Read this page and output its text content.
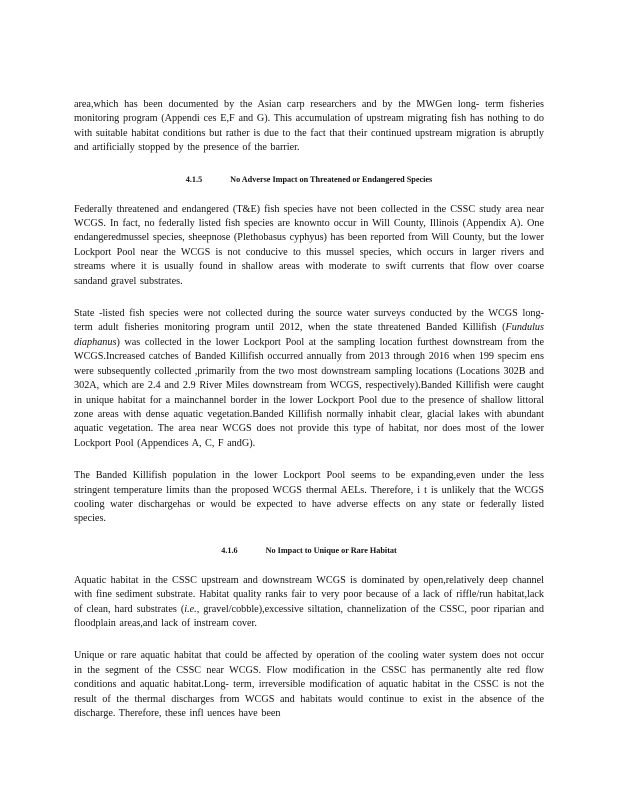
area,which has been documented by the Asian carp researchers and by the MWGen long- term fisheries monitoring program (Appendi ces E,F and G). This accumulation of upstream migrating fish has nothing to do with suitable habitat conditions but rather is due to the fact that their continued upstream migration is abruptly and artificially stopped by the presence of the barrier.

4.1.5	No Adverse Impact on Threatened or Endangered Species

Federally threatened and endangered (T&E) fish species have not been collected in the CSSC study area near WCGS. In fact, no federally listed fish species are knownto occur in Will County, Illinois (Appendix A). One endangeredmussel species, sheepnose (Plethobasus cyphyus) has been reported from Will County, but the lower Lockport Pool near the WCGS is not conducive to this mussel species, which occurs in larger rivers and streams where it is usually found in shallow areas with moderate to swift currents that flow over coarse sandand gravel substrates.

State -listed fish species were not collected during the source water surveys conducted by the WCGS long-term adult fisheries monitoring program until 2012, when the state threatened Banded Killifish (Fundulus diaphanus) was collected in the lower Lockport Pool at the sampling location furthest downstream from the WCGS.Increased catches of Banded Killifish occurred annually from 2013 through 2016 when 199 specim ens were subsequently collected ,primarily from the two most downstream sampling locations (Locations 302B and 302A, which are 2.4 and 2.9 River Miles downstream from WCGS, respectively).Banded Killifish were caught in unique habitat for a mainchannel border in the lower Lockport Pool due to the presence of shallow littoral zone areas with dense aquatic vegetation.Banded Killifish normally inhabit clear, glacial lakes with abundant aquatic vegetation. The area near WCGS does not provide this type of habitat, nor does most of the lower Lockport Pool (Appendices A, C, F andG).

The Banded Killifish population in the lower Lockport Pool seems to be expanding,even under the less stringent temperature limits than the proposed WCGS thermal AELs. Therefore, i t is unlikely that the WCGS cooling water dischargehas or would be expected to have adverse effects on any state or federally listed species.

4.1.6	No Impact to Unique or Rare Habitat

Aquatic habitat in the CSSC upstream and downstream WCGS is dominated by open,relatively deep channel with fine sediment substrate. Habitat quality ranks fair to very poor because of a lack of riffle/run habitat,lack of clean, hard substrates (i.e., gravel/cobble),excessive siltation, channelization of the CSSC, poor riparian and floodplain areas,and lack of instream cover.

Unique or rare aquatic habitat that could be affected by operation of the cooling water system does not occur in the segment of the CSSC near WCGS. Flow modification in the CSSC has permanently alte red flow conditions and aquatic habitat.Long- term, irreversible modification of aquatic habitat in the CSSC is not the result of the thermal discharges from WCGS and habitats would continue to exist in the absence of the discharge. Therefore, these infl uences have been
